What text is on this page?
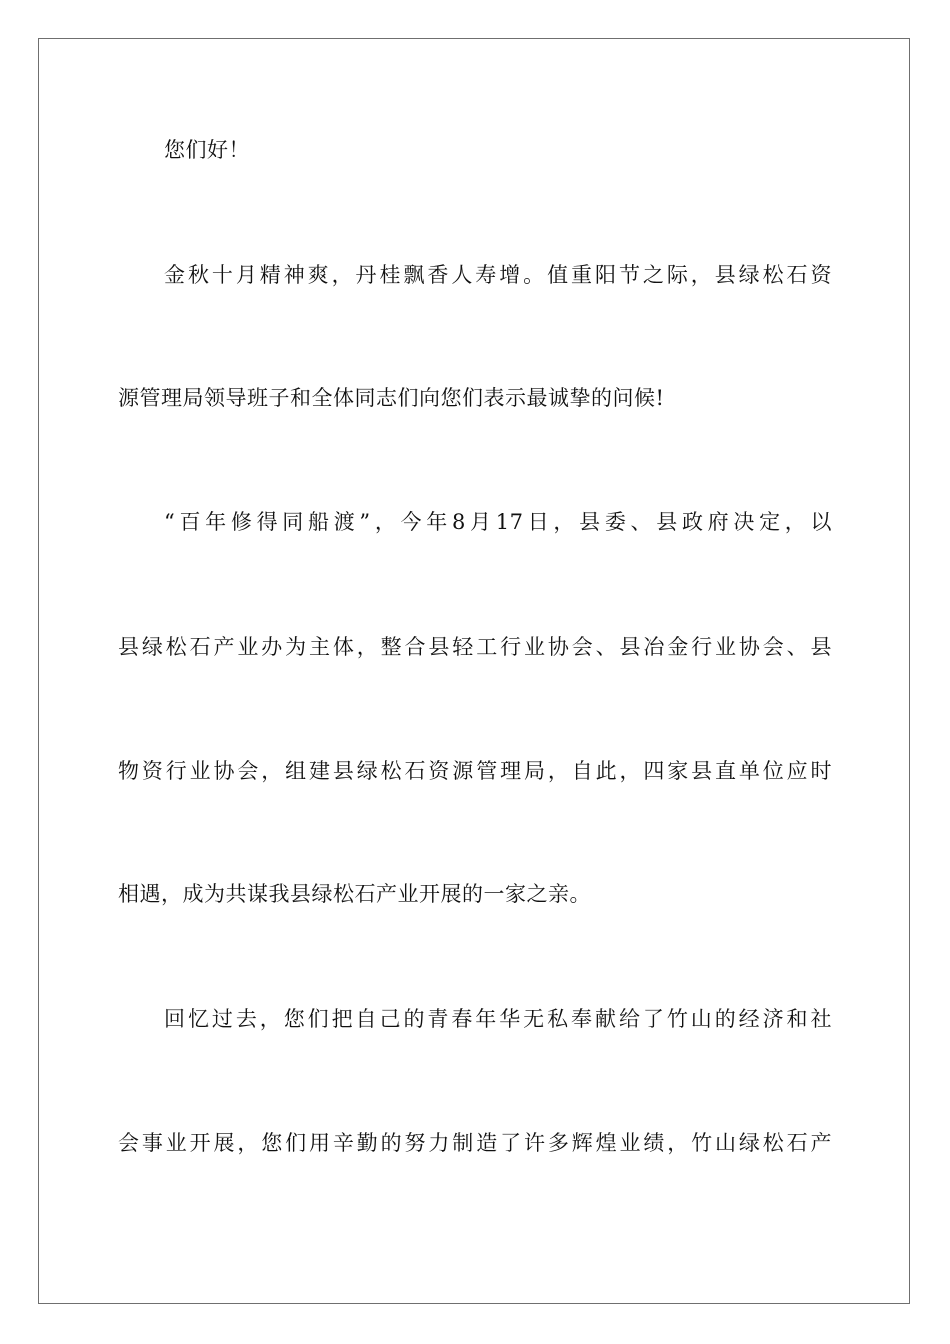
您们好！
金秋十月精神爽，丹桂飘香人寿增。值重阳节之际，县绿松石资
源管理局领导班子和全体同志们向您们表示最诚挚的问候!
“百年修得同船渡”，今年8月17日，县委、县政府决定，以
县绿松石产业办为主体，整合县轻工行业协会、县冶金行业协会、县
物资行业协会，组建县绿松石资源管理局，自此，四家县直单位应时
相遇，成为共谋我县绿松石产业开展的一家之亲。
回忆过去，您们把自己的青春年华无私奉献给了竹山的经济和社
会事业开展，您们用辛勤的努力制造了许多辉煌业绩，竹山绿松石产
